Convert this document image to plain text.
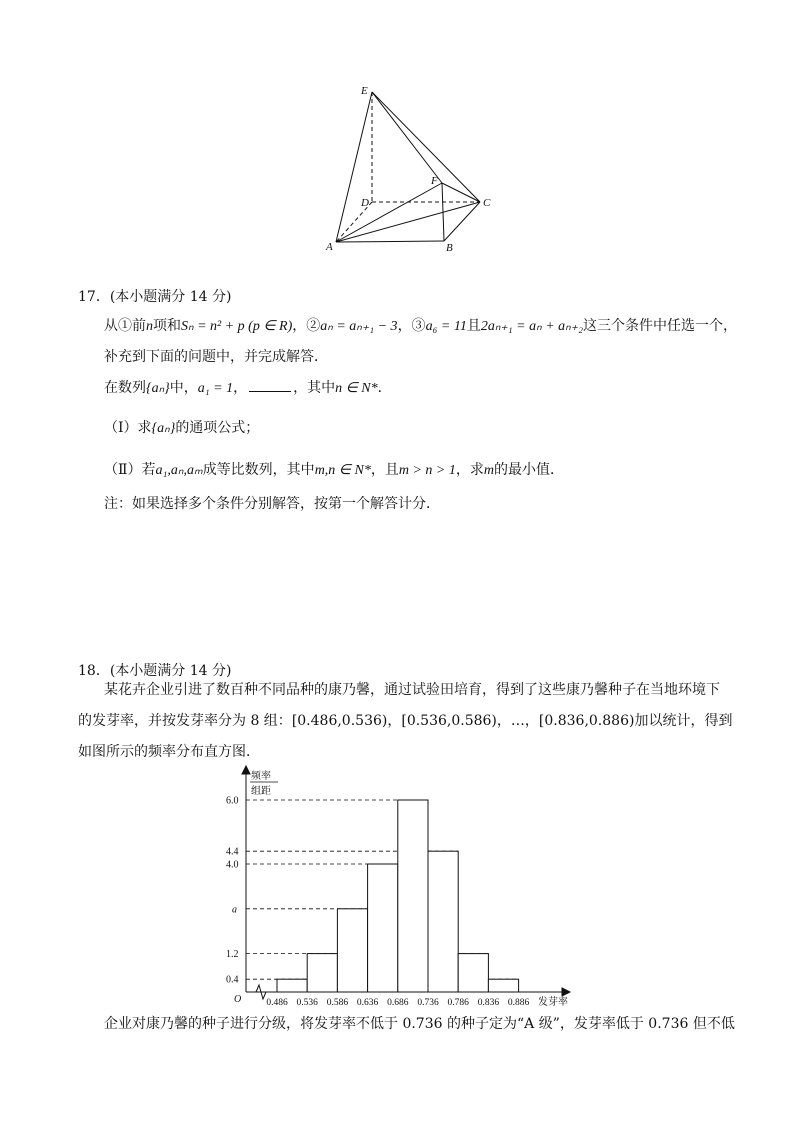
E
F
D	C
A	B
17．(本小题满分 14 分)
从①前n项和Sₙ = n² + p (p ∈ R)，②aₙ = aₙ₊₁ − 3，③a₆ = 11且2aₙ₊₁ = aₙ + aₙ₊₂这三个条件中任选一个，
补充到下面的问题中，并完成解答．
在数列{aₙ}中，a₁ = 1，	，其中n ∈ N*．
（Ⅰ）求{aₙ}的通项公式；
（Ⅱ）若a₁,aₙ,aₘ成等比数列，其中m,n ∈ N*，且m > n > 1，求m的最小值．
注：如果选择多个条件分别解答，按第一个解答计分．
18．(本小题满分 14 分)
某花卉企业引进了数百种不同品种的康乃馨，通过试验田培育，得到了这些康乃馨种子在当地环境下
的发芽率，并按发芽率分为 8 组：[0.486,0.536)，[0.536,0.586)，…，[0.836,0.886)加以统计，得到
如图所示的频率分布直方图．
0.4
1.2
a
4.0
4.4
6.0
0.486 0.536 0.586 0.636 0.686 0.736 0.786 0.836 0.886
频率
组距
O	发芽率
企业对康乃馨的种子进行分级，将发芽率不低于 0.736 的种子定为“A 级”，发芽率低于 0.736 但不低
